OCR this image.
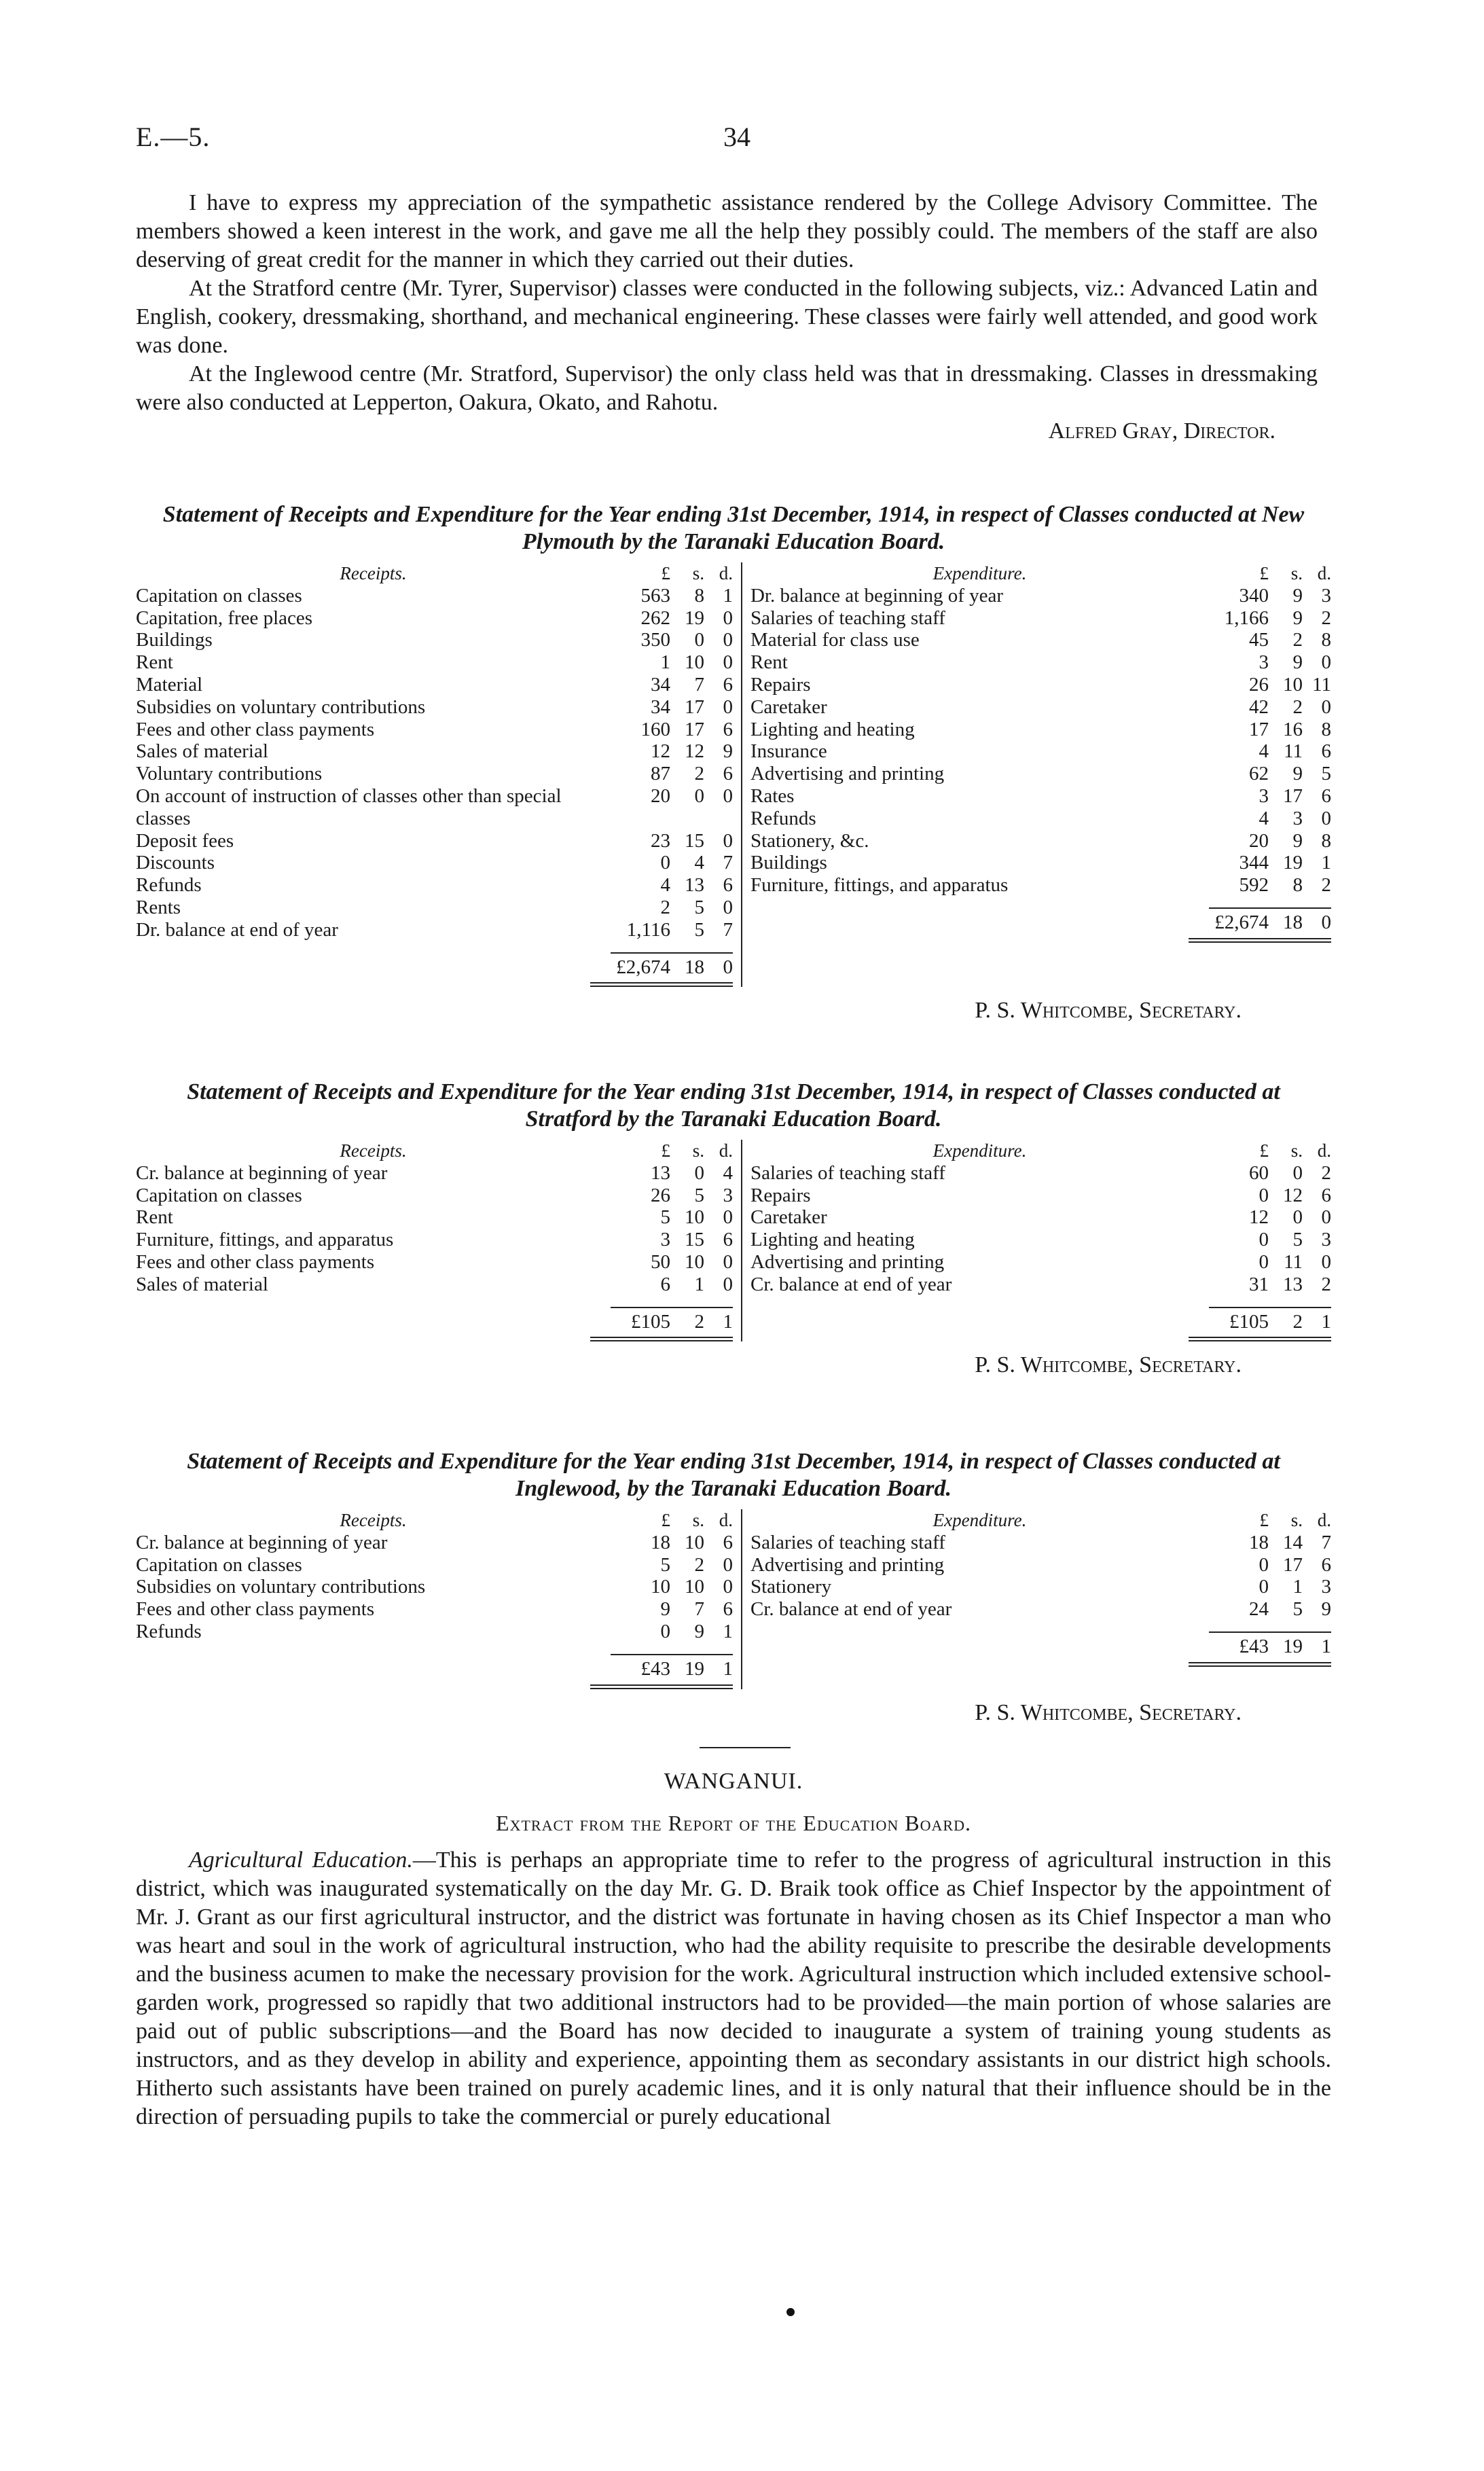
E.—5.	34

I have to express my appreciation of the sympathetic assistance rendered by the College Advisory Committee. The members showed a keen interest in the work, and gave me all the help they possibly could. The members of the staff are also deserving of great credit for the manner in which they carried out their duties.

At the Stratford centre (Mr. Tyrer, Supervisor) classes were conducted in the following subjects, viz.: Advanced Latin and English, cookery, dressmaking, shorthand, and mechanical engineering. These classes were fairly well attended, and good work was done.

At the Inglewood centre (Mr. Stratford, Supervisor) the only class held was that in dressmaking. Classes in dressmaking were also conducted at Lepperton, Oakura, Okato, and Rahotu.

Alfred Gray, Director.
Statement of Receipts and Expenditure for the Year ending 31st December, 1914, in respect of Classes conducted at New Plymouth by the Taranaki Education Board.
Receipts.	£	s. d.
Capitation on classes	563	8 1
Capitation, free places	262 19 0
Buildings	350	0 0
Rent	1 10 0
Material	34	7 6
Subsidies on voluntary contributions	34 17 0
Fees and other class payments	160 17 6
Sales of material	12 12 9
Voluntary contributions	87	2 6
On account of instruction of classes other than special classes
20	0 0
Deposit fees	23 15 0
Discounts	0	4 7
Refunds	4 13 6
Rents	2	5 0
Dr. balance at end of year	1,116	5 7
£2,674 18 0
Expenditure.	£	s. d.
Dr. balance at beginning of year	340	9 3
Salaries of teaching staff	1,166	9 2
Material for class use	45	2 8
Rent	3	9 0
Repairs	26 10 11
Caretaker	42	2 0
Lighting and heating	17 16 8
Insurance	4 11 6
Advertising and printing	62	9 5
Rates	3 17 6
Refunds	4	3 0
Stationery, &c.	20	9 8
Buildings	344 19 1
Furniture, fittings, and apparatus	592	8 2
£2,674 18 0
P. S. Whitcombe, Secretary.
Statement of Receipts and Expenditure for the Year ending 31st December, 1914, in respect of Classes conducted at Stratford by the Taranaki Education Board.
Receipts.	£	s. d.
Cr. balance at beginning of year	13	0 4
Capitation on classes	26	5 3
Rent	5 10 0
Furniture, fittings, and apparatus	3 15 6
Fees and other class payments	50 10 0
Sales of material	6	1 0
£105	2 1
Expenditure.	£	s. d.
Salaries of teaching staff	60	0 2
Repairs	0 12 6
Caretaker	12	0 0
Lighting and heating	0	5 3
Advertising and printing	0 11 0
Cr. balance at end of year	31 13 2
£105	2 1
P. S. Whitcombe, Secretary.
Statement of Receipts and Expenditure for the Year ending 31st December, 1914, in respect of Classes conducted at Inglewood, by the Taranaki Education Board.
Receipts.	£	s. d.
Cr. balance at beginning of year	18 10 6
Capitation on classes	5	2 0
Subsidies on voluntary contributions	10 10 0
Fees and other class payments	9	7 6
Refunds	0	9 1
£43 19 1
Expenditure.	£	s. d.
Salaries of teaching staff	18 14 7
Advertising and printing	0 17 6
Stationery	0	1 3
Cr. balance at end of year	24	5 9
£43 19 1
P. S. Whitcombe, Secretary.
WANGANUI.
Extract from the Report of the Education Board.

Agricultural Education.—This is perhaps an appropriate time to refer to the progress of agricultural instruction in this district, which was inaugurated systematically on the day Mr. G. D. Braik took office as Chief Inspector by the appointment of Mr. J. Grant as our first agricultural instructor, and the district was fortunate in having chosen as its Chief Inspector a man who was heart and soul in the work of agricultural instruction, who had the ability requisite to prescribe the desirable developments and the business acumen to make the necessary provision for the work. Agricultural instruction which included extensive school-garden work, progressed so rapidly that two additional instructors had to be provided—the main portion of whose salaries are paid out of public subscriptions—and the Board has now decided to inaugurate a system of training young students as instructors, and as they develop in ability and experience, appointing them as secondary assistants in our district high schools. Hitherto such assistants have been trained on purely academic lines, and it is only natural that their influence should be in the direction of persuading pupils to take the commercial or purely educational
